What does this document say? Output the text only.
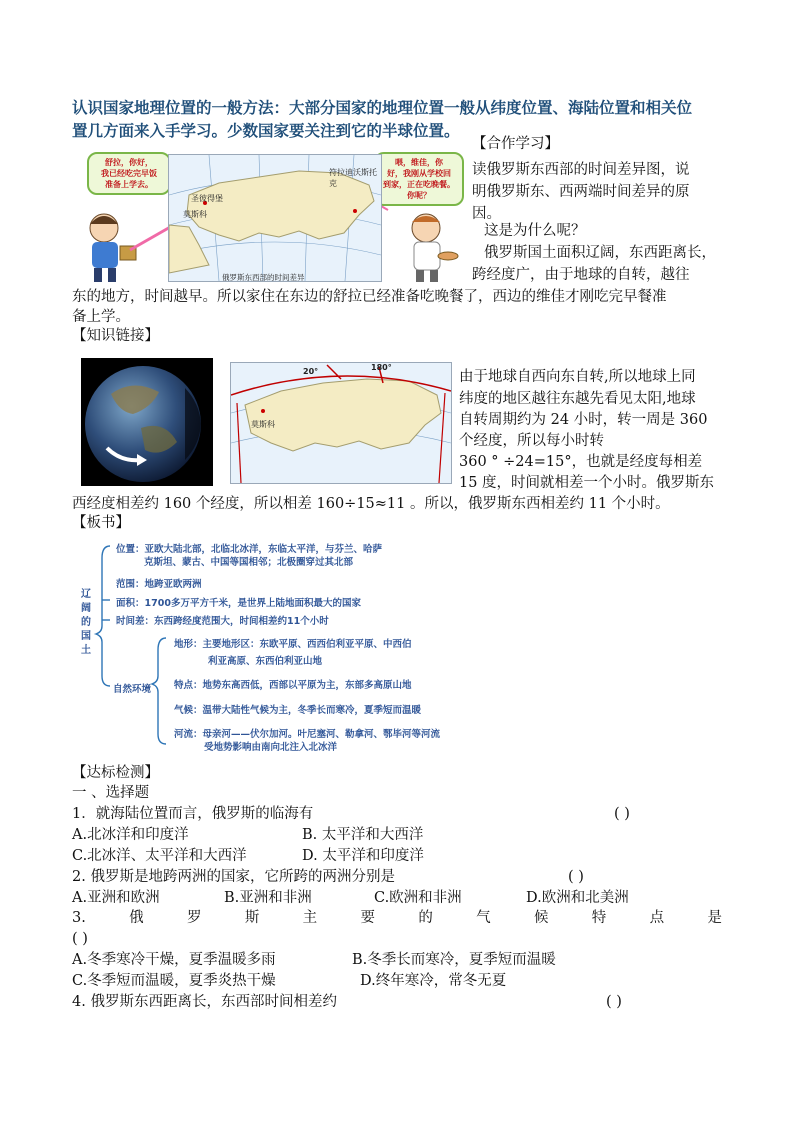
认识国家地理位置的一般方法：大部分国家的地理位置一般从纬度位置、海陆位置和相关位
置几方面来入手学习。少数国家要关注到它的半球位置。
舒拉，你好，
我已经吃完早饭
准备上学去。
喂，维佳，你
好，我刚从学校回
到家，正在吃晚餐。
你呢？
圣彼得堡
莫斯科
符拉迪沃斯托克
俄罗斯东西部的时间差异
【合作学习】
读俄罗斯东西部的时间差异图，说
明俄罗斯东、西两端时间差异的原
因。
这是为什么呢？
俄罗斯国土面积辽阔，东西距离长，
跨经度广，由于地球的自转，越往
东的地方，时间越早。所以家住在东边的舒拉已经准备吃晚餐了，西边的维佳才刚吃完早餐准
备上学。
【知识链接】
20°	180°
莫斯科
由于地球自西向东自转,所以地球上同
纬度的地区越往东越先看见太阳,地球
自转周期约为 24 小时，转一周是 360
个经度，所以每小时转
360 ° ÷24=15°，也就是经度每相差
15 度，时间就相差一个小时。俄罗斯东
西经度相差约 160 个经度，所以相差 160÷15≈11 。所以，俄罗斯东西相差约 11 个小时。
【板书】
辽
阔
的
国
土
位置：亚欧大陆北部，北临北冰洋，东临太平洋，与芬兰、哈萨
克斯坦、蒙古、中国等国相邻；北极圈穿过其北部
范围：地跨亚欧两洲
面积：1700多万平方千米，是世界上陆地面积最大的国家
时间差：东西跨经度范围大，时间相差约11个小时
自然环境
地形：主要地形区：东欧平原、西西伯利亚平原、中西伯
利亚高原、东西伯利亚山地
特点：地势东高西低，西部以平原为主，东部多高原山地
气候：温带大陆性气候为主，冬季长而寒冷，夏季短而温暖
河流：母亲河——伏尔加河。叶尼塞河、勒拿河、鄂毕河等河流
受地势影响由南向北注入北冰洋
【达标检测】
一 、选择题
1．就海陆位置而言，俄罗斯的临海有	( )
A.北冰洋和印度洋	B. 太平洋和大西洋
C.北冰洋、太平洋和大西洋	D. 太平洋和印度洋
2. 俄罗斯是地跨两洲的国家，它所跨的两洲分别是	( )
A.亚洲和欧洲	B.亚洲和非洲	C.欧洲和非洲	D.欧洲和北美洲
3.	俄	罗	斯	主	要	的	气	候	特	点	是
( )
A.冬季寒冷干燥，夏季温暖多雨	B.冬季长而寒冷，夏季短而温暖
C.冬季短而温暖，夏季炎热干燥	D.终年寒冷，常冬无夏
4. 俄罗斯东西距离长，东西部时间相差约	( )
